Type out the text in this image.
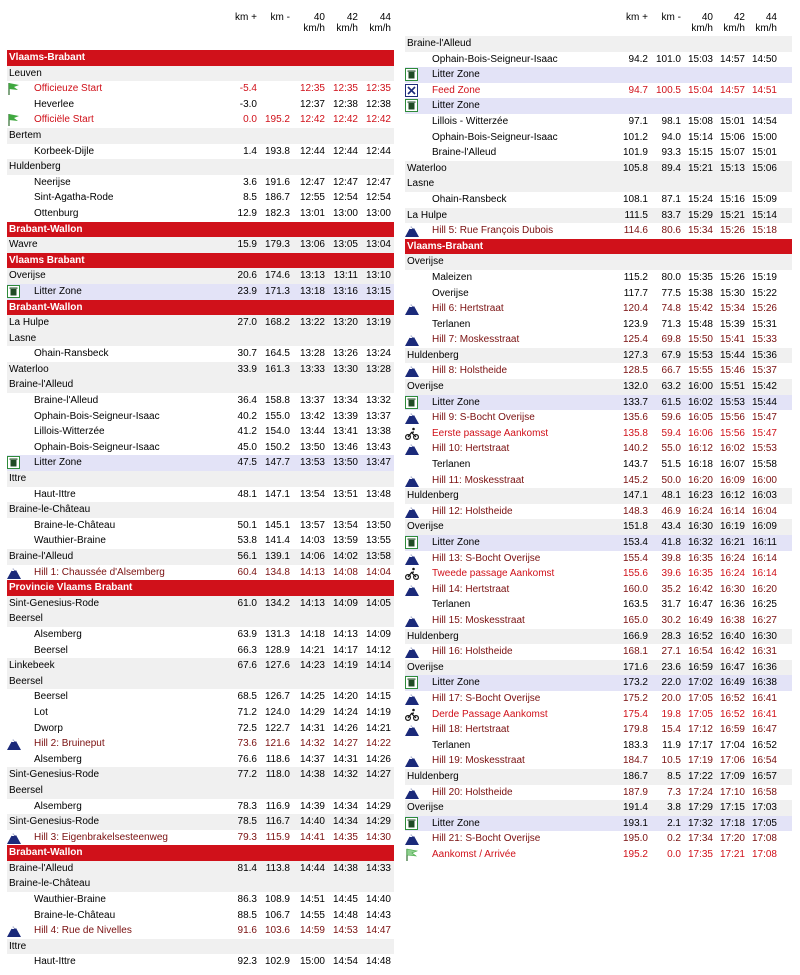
km +	km -	40
km/h
42
km/h
44
km/h
Vlaams-Brabant
Leuven
Officieuze Start	-5.4	12:35 12:35 12:35
Heverlee	-3.0	12:37 12:38 12:38
Officiële Start	0.0 195.2 12:42 12:42 12:42
Bertem
Korbeek-Dijle	1.4 193.8 12:44 12:44 12:44
Huldenberg
Neerijse	3.6 191.6 12:47 12:47 12:47
Sint-Agatha-Rode	8.5 186.7 12:55 12:54 12:54
Ottenburg	12.9 182.3 13:01 13:00 13:00
Brabant-Wallon
Wavre	15.9 179.3 13:06 13:05 13:04
Vlaams Brabant
Overijse	20.6 174.6 13:13 13:11 13:10
Litter Zone	23.9 171.3 13:18 13:16 13:15
Brabant-Wallon
La Hulpe	27.0 168.2 13:22 13:20 13:19
Lasne
Ohain-Ransbeck	30.7 164.5 13:28 13:26 13:24
Waterloo	33.9 161.3 13:33 13:30 13:28
Braine-l'Alleud
Braine-l'Alleud	36.4 158.8 13:37 13:34 13:32
Ophain-Bois-Seigneur-Isaac	40.2 155.0 13:42 13:39 13:37
Lillois-Witterzée	41.2 154.0 13:44 13:41 13:38
Ophain-Bois-Seigneur-Isaac	45.0 150.2 13:50 13:46 13:43
Litter Zone	47.5 147.7 13:53 13:50 13:47
Ittre
Haut-Ittre	48.1 147.1 13:54 13:51 13:48
Braine-le-Château
Braine-le-Château	50.1 145.1 13:57 13:54 13:50
Wauthier-Braine	53.8 141.4 14:03 13:59 13:55
Braine-l'Alleud	56.1 139.1 14:06 14:02 13:58
Hill 1: Chaussée d'Alsemberg	60.4 134.8 14:13 14:08 14:04
Provincie Vlaams Brabant
Sint-Genesius-Rode	61.0 134.2 14:13 14:09 14:05
Beersel
Alsemberg	63.9 131.3 14:18 14:13 14:09
Beersel	66.3 128.9 14:21 14:17 14:12
Linkebeek	67.6 127.6 14:23 14:19 14:14
Beersel
Beersel	68.5 126.7 14:25 14:20 14:15
Lot	71.2 124.0 14:29 14:24 14:19
Dworp	72.5 122.7 14:31 14:26 14:21
Hill 2: Bruineput	73.6 121.6 14:32 14:27 14:22
Alsemberg	76.6 118.6 14:37 14:31 14:26
Sint-Genesius-Rode	77.2 118.0 14:38 14:32 14:27
Beersel
Alsemberg	78.3 116.9 14:39 14:34 14:29
Sint-Genesius-Rode	78.5 116.7 14:40 14:34 14:29
Hill 3: Eigenbrakelsesteenweg	79.3 115.9 14:41 14:35 14:30
Brabant-Wallon
Braine-l'Alleud	81.4 113.8 14:44 14:38 14:33
Braine-le-Château
Wauthier-Braine	86.3 108.9 14:51 14:45 14:40
Braine-le-Château	88.5 106.7 14:55 14:48 14:43
Hill 4: Rue de Nivelles	91.6 103.6 14:59 14:53 14:47
Ittre
Haut-Ittre	92.3 102.9 15:00 14:54 14:48
km +	km -	40
km/h
42
km/h
44
km/h
Braine-l'Alleud
Ophain-Bois-Seigneur-Isaac	94.2 101.0 15:03 14:57 14:50
Litter Zone
Feed Zone	94.7 100.5 15:04 14:57 14:51
Litter Zone
Lillois - Witterzée	97.1	98.1 15:08 15:01 14:54
Ophain-Bois-Seigneur-Isaac	101.2	94.0 15:14 15:06 15:00
Braine-l'Alleud	101.9	93.3 15:15 15:07 15:01
Waterloo	105.8	89.4 15:21 15:13 15:06
Lasne
Ohain-Ransbeck	108.1	87.1 15:24 15:16 15:09
La Hulpe	111.5	83.7 15:29 15:21 15:14
Hill 5: Rue François Dubois	114.6	80.6 15:34 15:26 15:18
Vlaams-Brabant
Overijse
Maleizen	115.2	80.0 15:35 15:26 15:19
Overijse	117.7	77.5 15:38 15:30 15:22
Hill 6: Hertstraat	120.4	74.8 15:42 15:34 15:26
Terlanen	123.9	71.3 15:48 15:39 15:31
Hill 7: Moskesstraat	125.4	69.8 15:50 15:41 15:33
Huldenberg	127.3	67.9 15:53 15:44 15:36
Hill 8: Holstheide	128.5	66.7 15:55 15:46 15:37
Overijse	132.0	63.2 16:00 15:51 15:42
Litter Zone	133.7	61.5 16:02 15:53 15:44
Hill 9: S-Bocht Overijse	135.6	59.6 16:05 15:56 15:47
Eerste passage Aankomst	135.8	59.4 16:06 15:56 15:47
Hill 10: Hertstraat	140.2	55.0 16:12 16:02 15:53
Terlanen	143.7	51.5 16:18 16:07 15:58
Hill 11: Moskesstraat	145.2	50.0 16:20 16:09 16:00
Huldenberg	147.1	48.1 16:23 16:12 16:03
Hill 12: Holstheide	148.3	46.9 16:24 16:14 16:04
Overijse	151.8	43.4 16:30 16:19 16:09
Litter Zone	153.4	41.8 16:32 16:21 16:11
Hill 13: S-Bocht Overijse	155.4	39.8 16:35 16:24 16:14
Tweede passage Aankomst	155.6	39.6 16:35 16:24 16:14
Hill 14: Hertstraat	160.0	35.2 16:42 16:30 16:20
Terlanen	163.5	31.7 16:47 16:36 16:25
Hill 15: Moskesstraat	165.0	30.2 16:49 16:38 16:27
Huldenberg	166.9	28.3 16:52 16:40 16:30
Hill 16: Holstheide	168.1	27.1 16:54 16:42 16:31
Overijse	171.6	23.6 16:59 16:47 16:36
Litter Zone	173.2	22.0 17:02 16:49 16:38
Hill 17: S-Bocht Overijse	175.2	20.0 17:05 16:52 16:41
Derde Passage Aankomst	175.4	19.8 17:05 16:52 16:41
Hill 18: Hertstraat	179.8	15.4 17:12 16:59 16:47
Terlanen	183.3	11.9 17:17 17:04 16:52
Hill 19: Moskesstraat	184.7	10.5 17:19 17:06 16:54
Huldenberg	186.7	8.5 17:22 17:09 16:57
Hill 20: Holstheide	187.9	7.3 17:24 17:10 16:58
Overijse	191.4	3.8 17:29 17:15 17:03
Litter Zone	193.1	2.1 17:32 17:18 17:05
Hill 21: S-Bocht Overijse	195.0	0.2 17:34 17:20 17:08
Aankomst / Arrivée	195.2	0.0 17:35 17:21 17:08
